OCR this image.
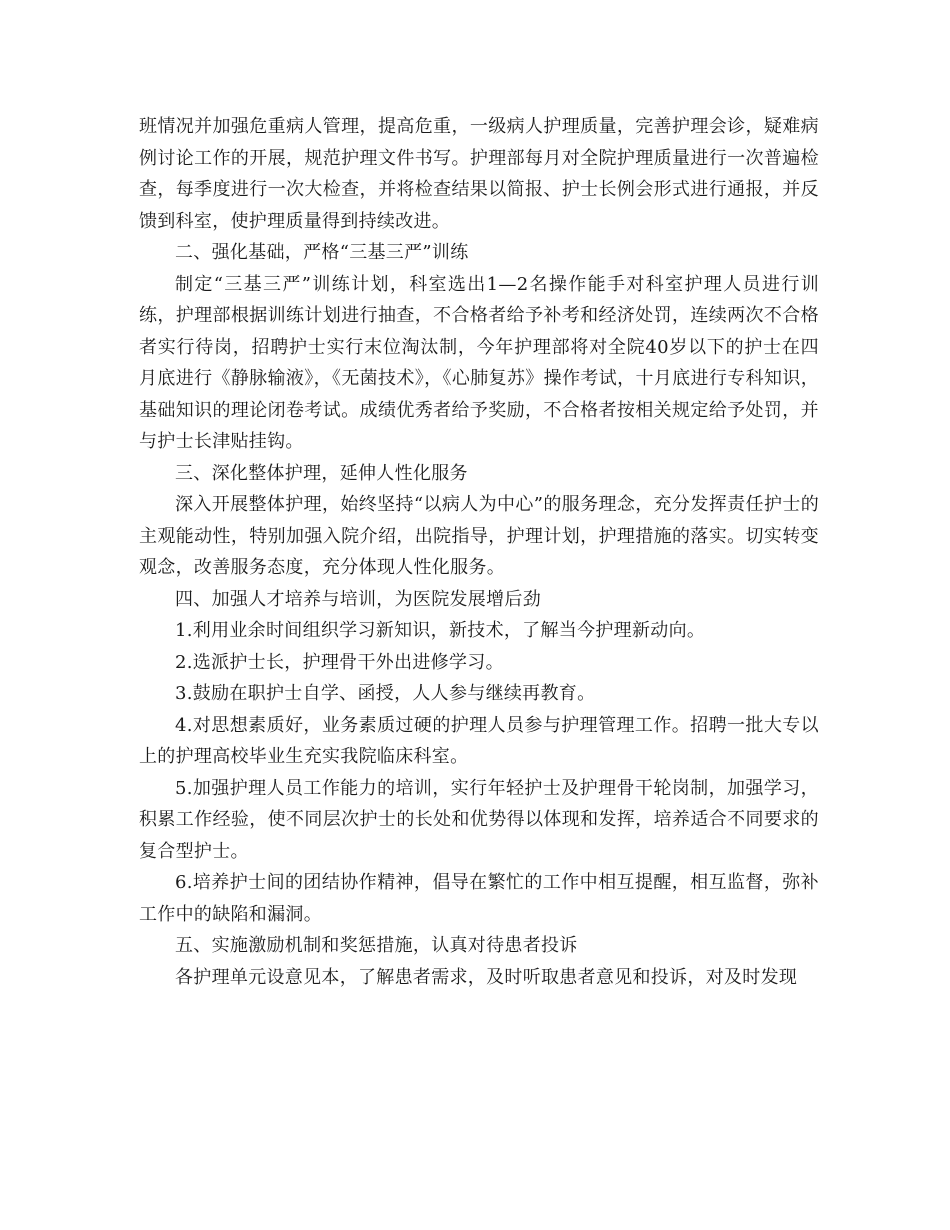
班情况并加强危重病人管理，提高危重，一级病人护理质量，完善护理会诊，疑难病例讨论工作的开展，规范护理文件书写。护理部每月对全院护理质量进行一次普遍检查，每季度进行一次大检查，并将检查结果以简报、护士长例会形式进行通报，并反馈到科室，使护理质量得到持续改进。

二、强化基础，严格“三基三严”训练

制定“三基三严”训练计划，科室选出1—2名操作能手对科室护理人员进行训练，护理部根据训练计划进行抽查，不合格者给予补考和经济处罚，连续两次不合格者实行待岗，招聘护士实行末位淘汰制，今年护理部将对全院40岁以下的护士在四月底进行《静脉输液》，《无菌技术》，《心肺复苏》操作考试，十月底进行专科知识，基础知识的理论闭卷考试。成绩优秀者给予奖励，不合格者按相关规定给予处罚，并与护士长津贴挂钩。

三、深化整体护理，延伸人性化服务

深入开展整体护理，始终坚持“以病人为中心”的服务理念，充分发挥责任护士的主观能动性，特别加强入院介绍，出院指导，护理计划，护理措施的落实。切实转变观念，改善服务态度，充分体现人性化服务。

四、加强人才培养与培训，为医院发展增后劲

1.利用业余时间组织学习新知识，新技术，了解当今护理新动向。

2.选派护士长，护理骨干外出进修学习。

3.鼓励在职护士自学、函授，人人参与继续再教育。

4.对思想素质好，业务素质过硬的护理人员参与护理管理工作。招聘一批大专以上的护理高校毕业生充实我院临床科室。

5.加强护理人员工作能力的培训，实行年轻护士及护理骨干轮岗制，加强学习，积累工作经验，使不同层次护士的长处和优势得以体现和发挥，培养适合不同要求的复合型护士。

6.培养护士间的团结协作精神，倡导在繁忙的工作中相互提醒，相互监督，弥补工作中的缺陷和漏洞。

五、实施激励机制和奖惩措施，认真对待患者投诉

各护理单元设意见本，了解患者需求，及时听取患者意见和投诉，对及时发现
